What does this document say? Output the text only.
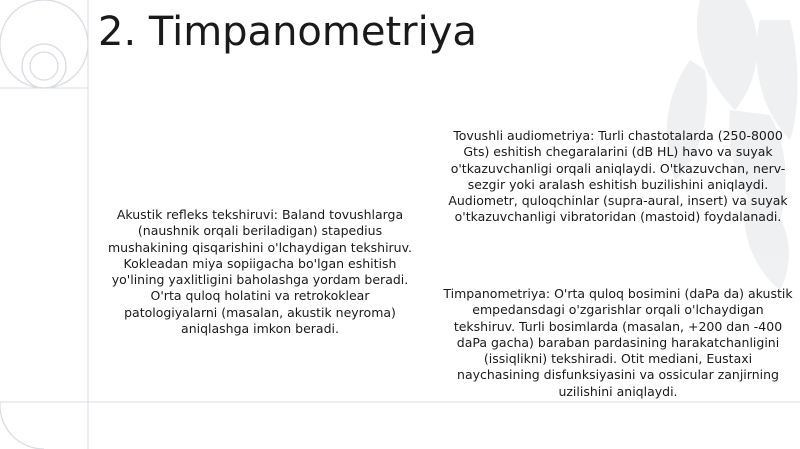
2. Timpanometriya

Akustik refleks tekshiruvi: Baland tovushlarga (naushnik orqali beriladigan) stapedius mushakining qisqarishini o'lchaydigan tekshiruv. Kokleadan miya sopiigacha bo'lgan eshitish yo'lining yaxlitligini baholashga yordam beradi. O'rta quloq holatini va retrokoklear patologiyalarni (masalan, akustik neyroma) aniqlashga imkon beradi.

Tovushli audiometriya: Turli chastotalarda (250-8000 Gts) eshitish chegaralarini (dB HL) havo va suyak o'tkazuvchanligi orqali aniqlaydi. O'tkazuvchan, nerv-sezgir yoki aralash eshitish buzilishini aniqlaydi. Audiometr, quloqchinlar (supra-aural, insert) va suyak o'tkazuvchanligi vibratoridan (mastoid) foydalanadi.

Timpanometriya: O'rta quloq bosimini (daPa da) akustik empedansdagi o'zgarishlar orqali o'lchaydigan tekshiruv. Turli bosimlarda (masalan, +200 dan -400 daPa gacha) baraban pardasining harakatchanligini (issiqlikni) tekshiradi. Otit mediani, Eustaxi naychasining disfunksiyasini va ossicular zanjirning uzilishini aniqlaydi.
